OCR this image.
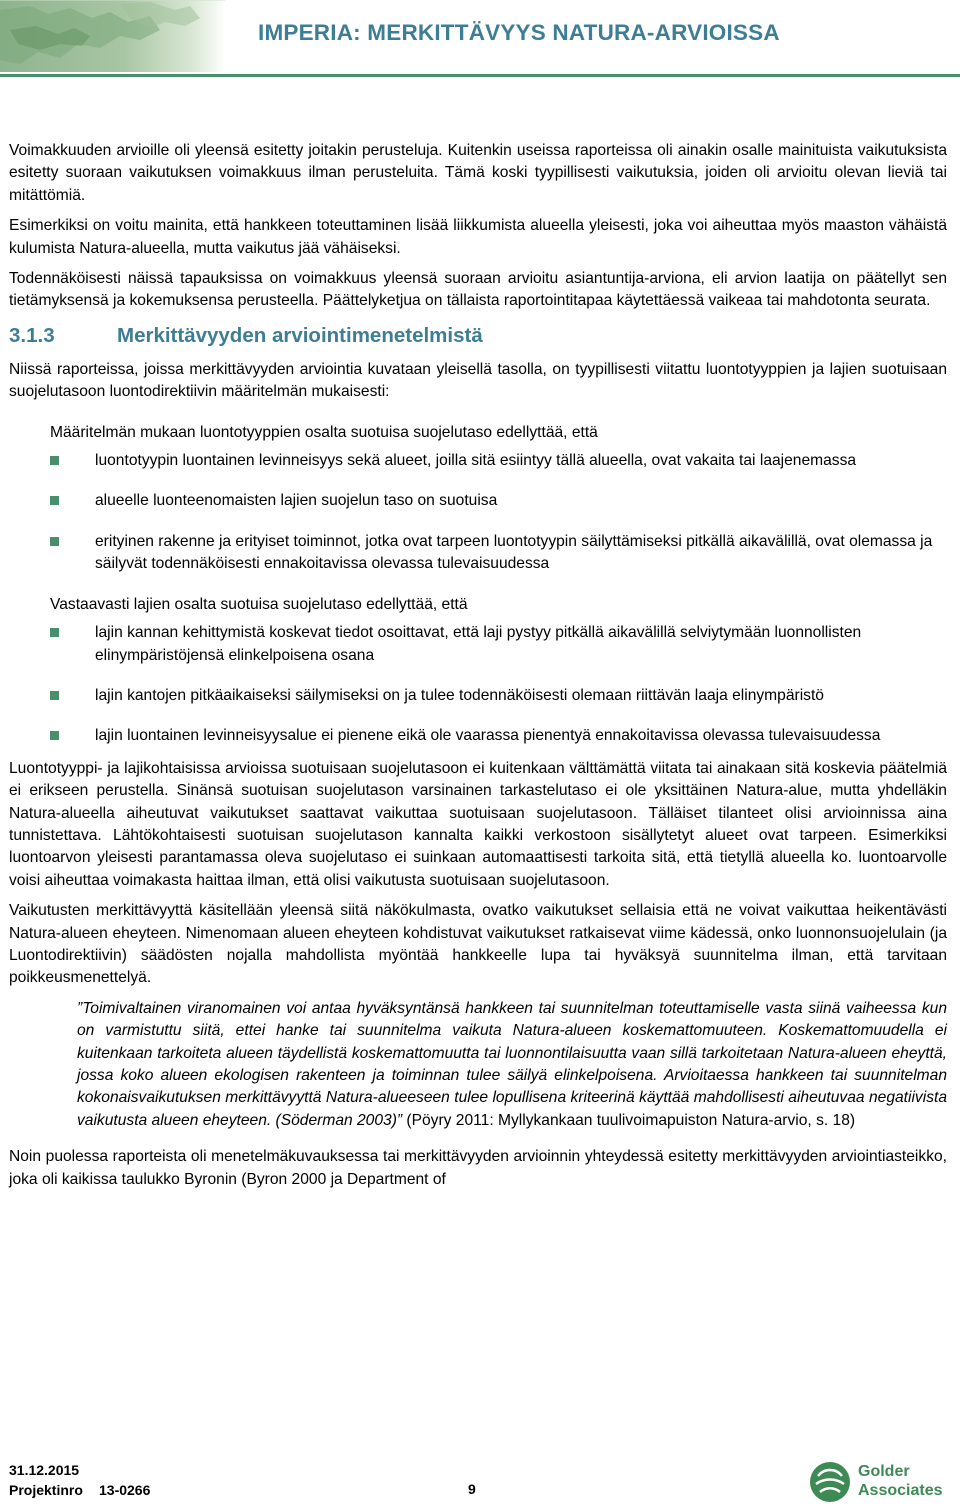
IMPERIA: MERKITTÄVYYS NATURA-ARVIOISSA

Voimakkuuden arvioille oli yleensä esitetty joitakin perusteluja. Kuitenkin useissa raporteissa oli ainakin osalle mainituista vaikutuksista esitetty suoraan vaikutuksen voimakkuus ilman perusteluita. Tämä koski tyypillisesti vaikutuksia, joiden oli arvioitu olevan lieviä tai mitättömiä.

Esimerkiksi on voitu mainita, että hankkeen toteuttaminen lisää liikkumista alueella yleisesti, joka voi aiheuttaa myös maaston vähäistä kulumista Natura-alueella, mutta vaikutus jää vähäiseksi.

Todennäköisesti näissä tapauksissa on voimakkuus yleensä suoraan arvioitu asiantuntija-arviona, eli arvion laatija on päätellyt sen tietämyksensä ja kokemuksensa perusteella. Päättelyketjua on tällaista raportointitapaa käytettäessä vaikeaa tai mahdotonta seurata.

3.1.3	Merkittävyyden arviointimenetelmistä

Niissä raporteissa, joissa merkittävyyden arviointia kuvataan yleisellä tasolla, on tyypillisesti viitattu luontotyyppien ja lajien suotuisaan suojelutasoon luontodirektiivin määritelmän mukaisesti:

Määritelmän mukaan luontotyyppien osalta suotuisa suojelutaso edellyttää, että
luontotyypin luontainen levinneisyys sekä alueet, joilla sitä esiintyy tällä alueella, ovat vakaita tai laajenemassa
alueelle luonteenomaisten lajien suojelun taso on suotuisa
erityinen rakenne ja erityiset toiminnot, jotka ovat tarpeen luontotyypin säilyttämiseksi pitkällä aikavälillä, ovat olemassa ja säilyvät todennäköisesti ennakoitavissa olevassa tulevaisuudessa
Vastaavasti lajien osalta suotuisa suojelutaso edellyttää, että
lajin kannan kehittymistä koskevat tiedot osoittavat, että laji pystyy pitkällä aikavälillä selviytymään luonnollisten elinympäristöjensä elinkelpoisena osana
lajin kantojen pitkäaikaiseksi säilymiseksi on ja tulee todennäköisesti olemaan riittävän laaja elinympäristö
lajin luontainen levinneisyysalue ei pienene eikä ole vaarassa pienentyä ennakoitavissa olevassa tulevaisuudessa

Luontotyyppi- ja lajikohtaisissa arvioissa suotuisaan suojelutasoon ei kuitenkaan välttämättä viitata tai ainakaan sitä koskevia päätelmiä ei erikseen perustella. Sinänsä suotuisan suojelutason varsinainen tarkastelutaso ei ole yksittäinen Natura-alue, mutta yhdelläkin Natura-alueella aiheutuvat vaikutukset saattavat vaikuttaa suotuisaan suojelutasoon. Tälläiset tilanteet olisi arvioinnissa aina tunnistettava. Lähtökohtaisesti suotuisan suojelutason kannalta kaikki verkostoon sisällytetyt alueet ovat tarpeen. Esimerkiksi luontoarvon yleisesti parantamassa oleva suojelutaso ei suinkaan automaattisesti tarkoita sitä, että tietyllä alueella ko. luontoarvolle voisi aiheuttaa voimakasta haittaa ilman, että olisi vaikutusta suotuisaan suojelutasoon.

Vaikutusten merkittävyyttä käsitellään yleensä siitä näkökulmasta, ovatko vaikutukset sellaisia että ne voivat vaikuttaa heikentävästi Natura-alueen eheyteen. Nimenomaan alueen eheyteen kohdistuvat vaikutukset ratkaisevat viime kädessä, onko luonnonsuojelulain (ja Luontodirektiivin) säädösten nojalla mahdollista myöntää hankkeelle lupa tai hyväksyä suunnitelma ilman, että tarvitaan poikkeusmenettelyä.

”Toimivaltainen viranomainen voi antaa hyväksyntänsä hankkeen tai suunnitelman toteuttamiselle vasta siinä vaiheessa kun on varmistuttu siitä, ettei hanke tai suunnitelma vaikuta Natura-alueen koskemattomuuteen. Koskemattomuudella ei kuitenkaan tarkoiteta alueen täydellistä koskemattomuutta tai luonnontilaisuutta vaan sillä tarkoitetaan Natura-alueen eheyttä, jossa koko alueen ekologisen rakenteen ja toiminnan tulee säilyä elinkelpoisena. Arvioitaessa hankkeen tai suunnitelman kokonaisvaikutuksen merkittävyyttä Natura-alueeseen tulee lopullisena kriteerinä käyttää mahdollisesti aiheutuvaa negatiivista vaikutusta alueen eheyteen. (Söderman 2003)” (Pöyry 2011: Myllykankaan tuulivoimapuiston Natura-arvio, s. 18)

Noin puolessa raporteista oli menetelmäkuvauksessa tai merkittävyyden arvioinnin yhteydessä esitetty merkittävyyden arviointiasteikko, joka oli kaikissa taulukko Byronin (Byron 2000 ja Department of

31.12.2015
Projektinro 13-0266	9
Golder
Associates
